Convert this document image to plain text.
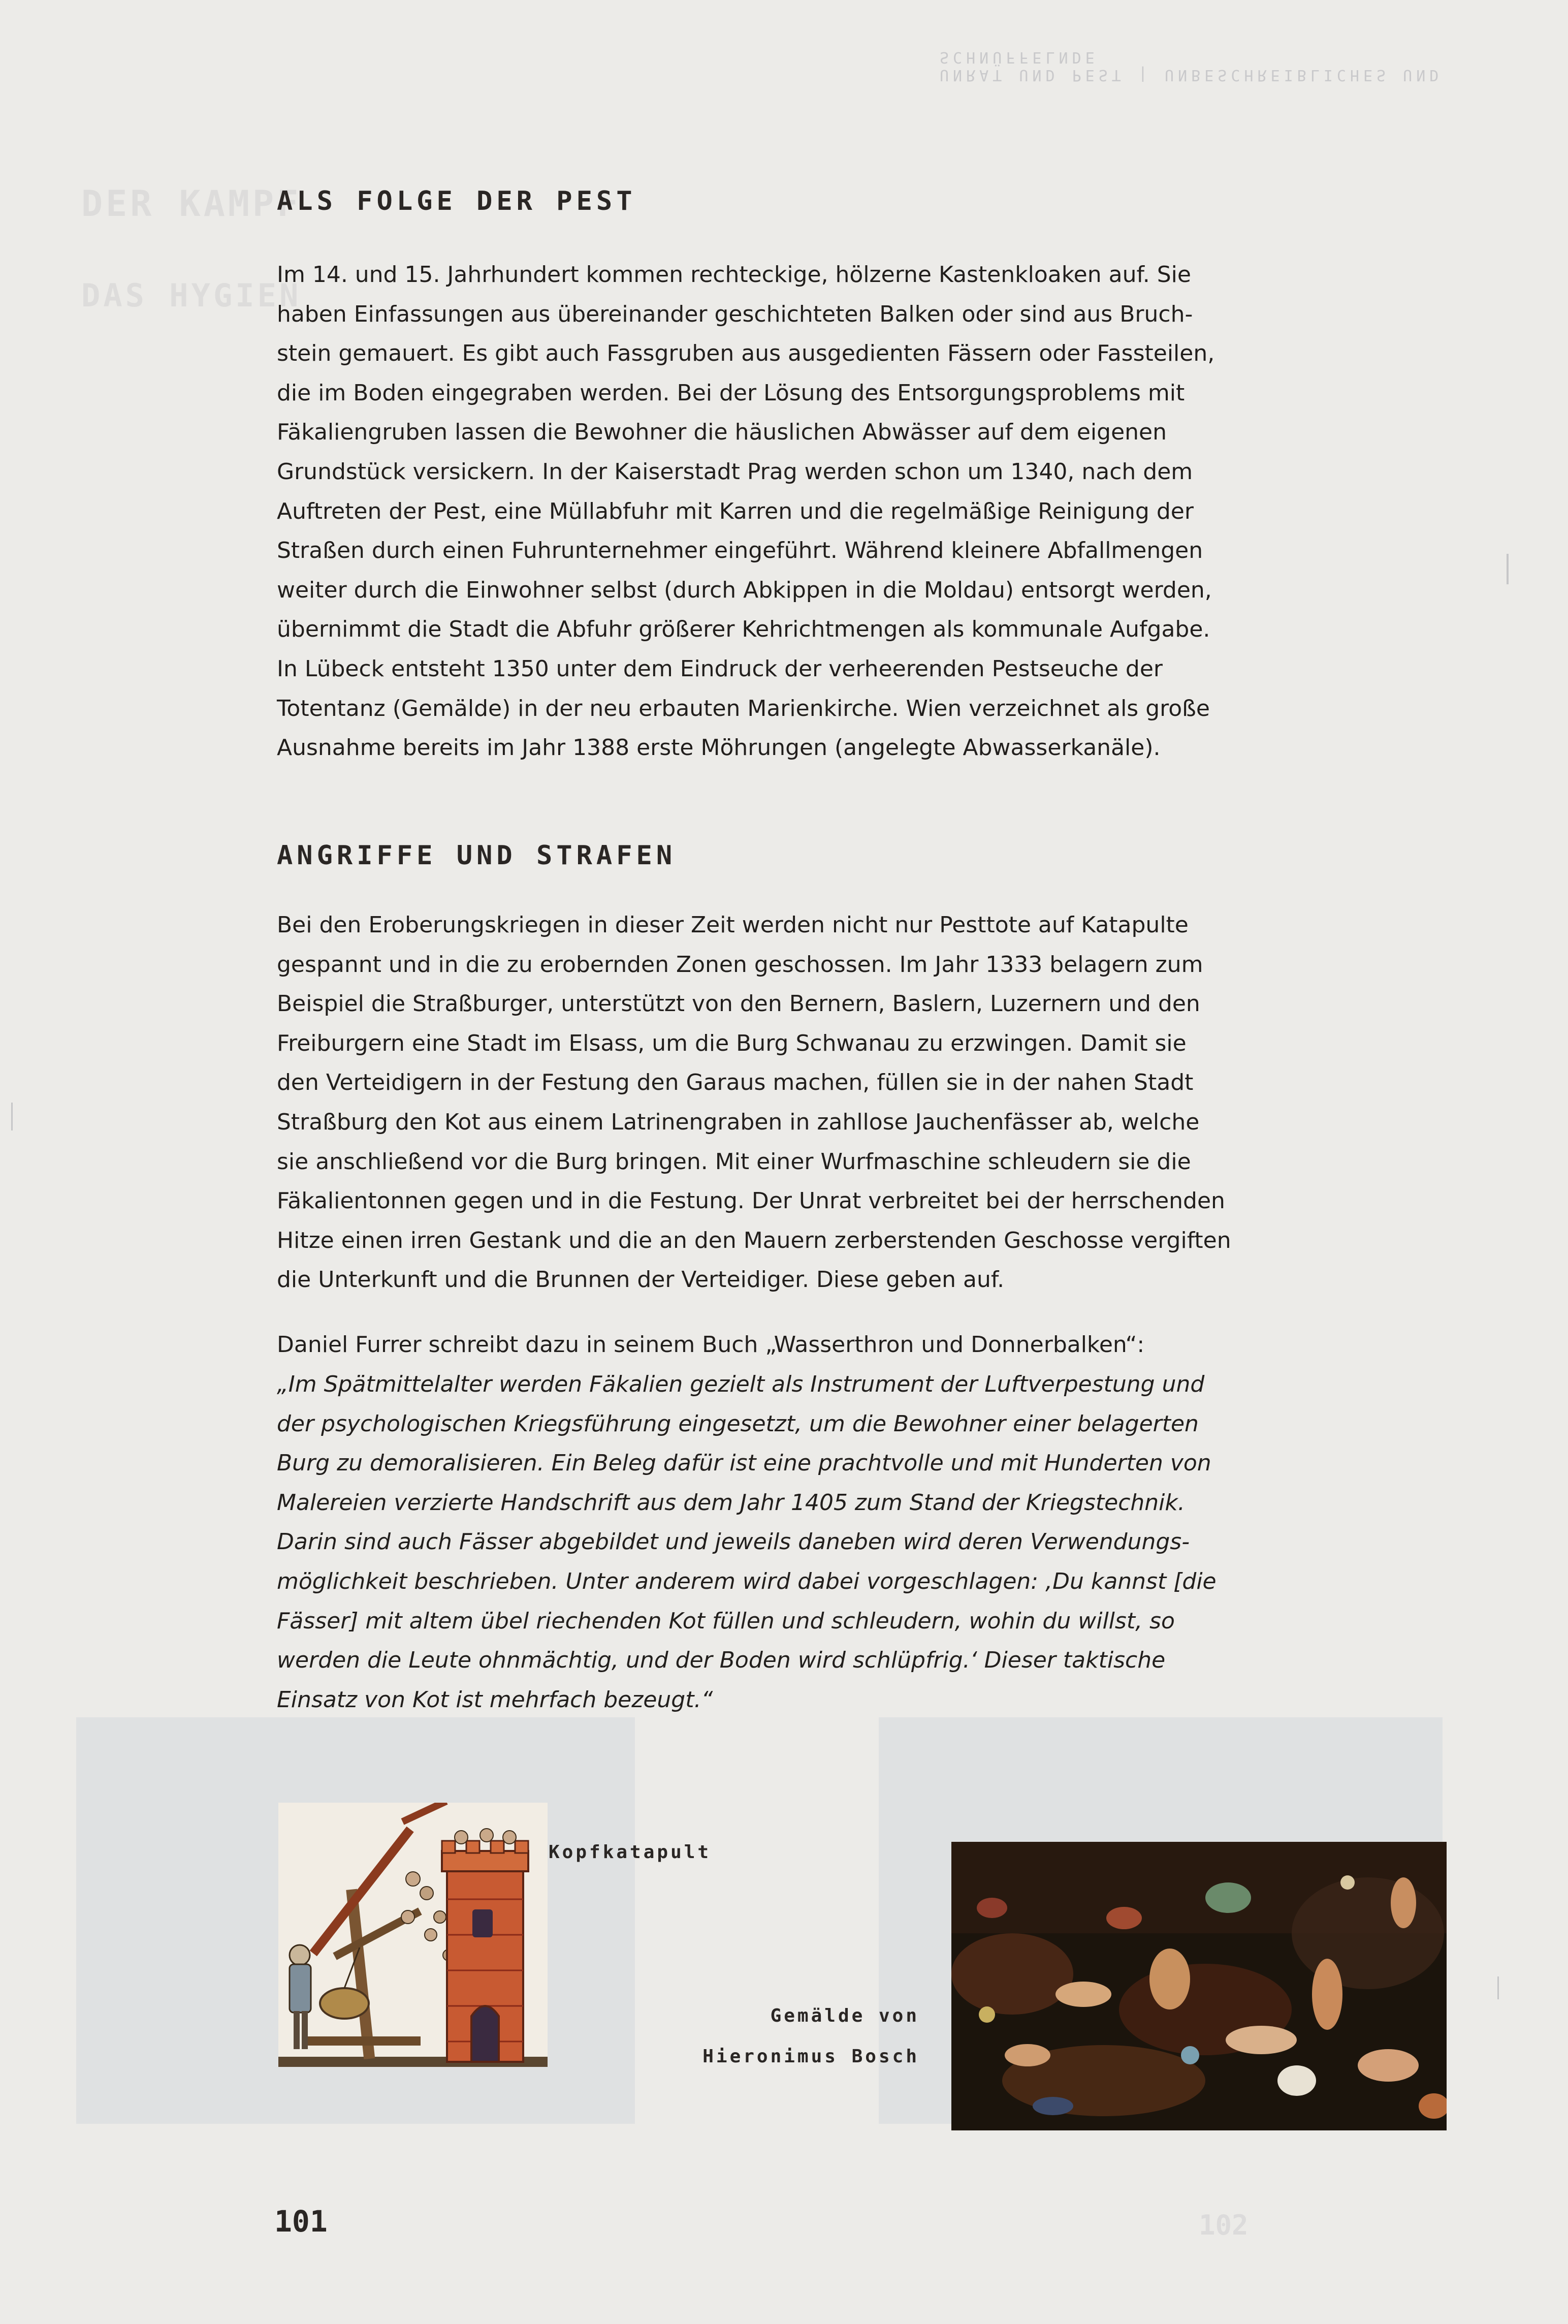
DER KAMPF
DAS HYGIEN
UNRAT UND PEST | UNBESCHREIBLICHES UND SCHNÜFFELNDE
102
ALS FOLGE DER PEST

Im 14. und 15. Jahrhundert kommen rechteckige, hölzerne Kastenkloaken auf. Sie haben Einfassungen aus übereinander geschichteten Balken oder sind aus Bruchstein gemauert. Es gibt auch Fassgruben aus ausgedienten Fässern oder Fassteilen, die im Boden eingegraben werden. Bei der Lösung des Entsorgungsproblems mit Fäkaliengruben lassen die Bewohner die häuslichen Abwässer auf dem eigenen Grundstück versickern. In der Kaiserstadt Prag werden schon um 1340, nach dem Auftreten der Pest, eine Müllabfuhr mit Karren und die regelmäßige Reinigung der Straßen durch einen Fuhrunternehmer eingeführt. Während kleinere Abfallmengen weiter durch die Einwohner selbst (durch Abkippen in die Moldau) entsorgt werden, übernimmt die Stadt die Abfuhr größerer Kehrichtmengen als kommunale Aufgabe. In Lübeck entsteht 1350 unter dem Eindruck der verheerenden Pestseuche der Totentanz (Gemälde) in der neu erbauten Marienkirche. Wien verzeichnet als große Ausnahme bereits im Jahr 1388 erste Möhrungen (angelegte Abwasserkanäle).

ANGRIFFE UND STRAFEN

Bei den Eroberungskriegen in dieser Zeit werden nicht nur Pesttote auf Katapulte gespannt und in die zu erobernden Zonen geschossen. Im Jahr 1333 belagern zum Beispiel die Straßburger, unterstützt von den Bernern, Baslern, Luzernern und den Freiburgern eine Stadt im Elsass, um die Burg Schwanau zu erzwingen. Damit sie den Verteidigern in der Festung den Garaus machen, füllen sie in der nahen Stadt Straßburg den Kot aus einem Latrinengraben in zahllose Jauchenfässer ab, welche sie anschließend vor die Burg bringen. Mit einer Wurfmaschine schleudern sie die Fäkalientonnen gegen und in die Festung. Der Unrat verbreitet bei der herrschenden Hitze einen irren Gestank und die an den Mauern zerberstenden Geschosse vergiften die Unterkunft und die Brunnen der Verteidiger. Diese geben auf.

Daniel Furrer schreibt dazu in seinem Buch „Wasserthron und Donnerbalken“:

„Im Spätmittelalter werden Fäkalien gezielt als Instrument der Luftverpestung und der psychologischen Kriegsführung eingesetzt, um die Bewohner einer belagerten Burg zu demoralisieren. Ein Beleg dafür ist eine prachtvolle und mit Hunderten von Malereien verzierte Handschrift aus dem Jahr 1405 zum Stand der Kriegstechnik. Darin sind auch Fässer abgebildet und jeweils daneben wird deren Verwendungsmöglichkeit beschrieben. Unter anderem wird dabei vorgeschlagen: ‚Du kannst [die Fässer] mit altem übel riechenden Kot füllen und schleudern, wohin du willst, so werden die Leute ohnmächtig, und der Boden wird schlüpfrig.‘ Dieser taktische Einsatz von Kot ist mehrfach bezeugt.“

Kopfkatapult
Gemälde von
Hieronimus Bosch
101
